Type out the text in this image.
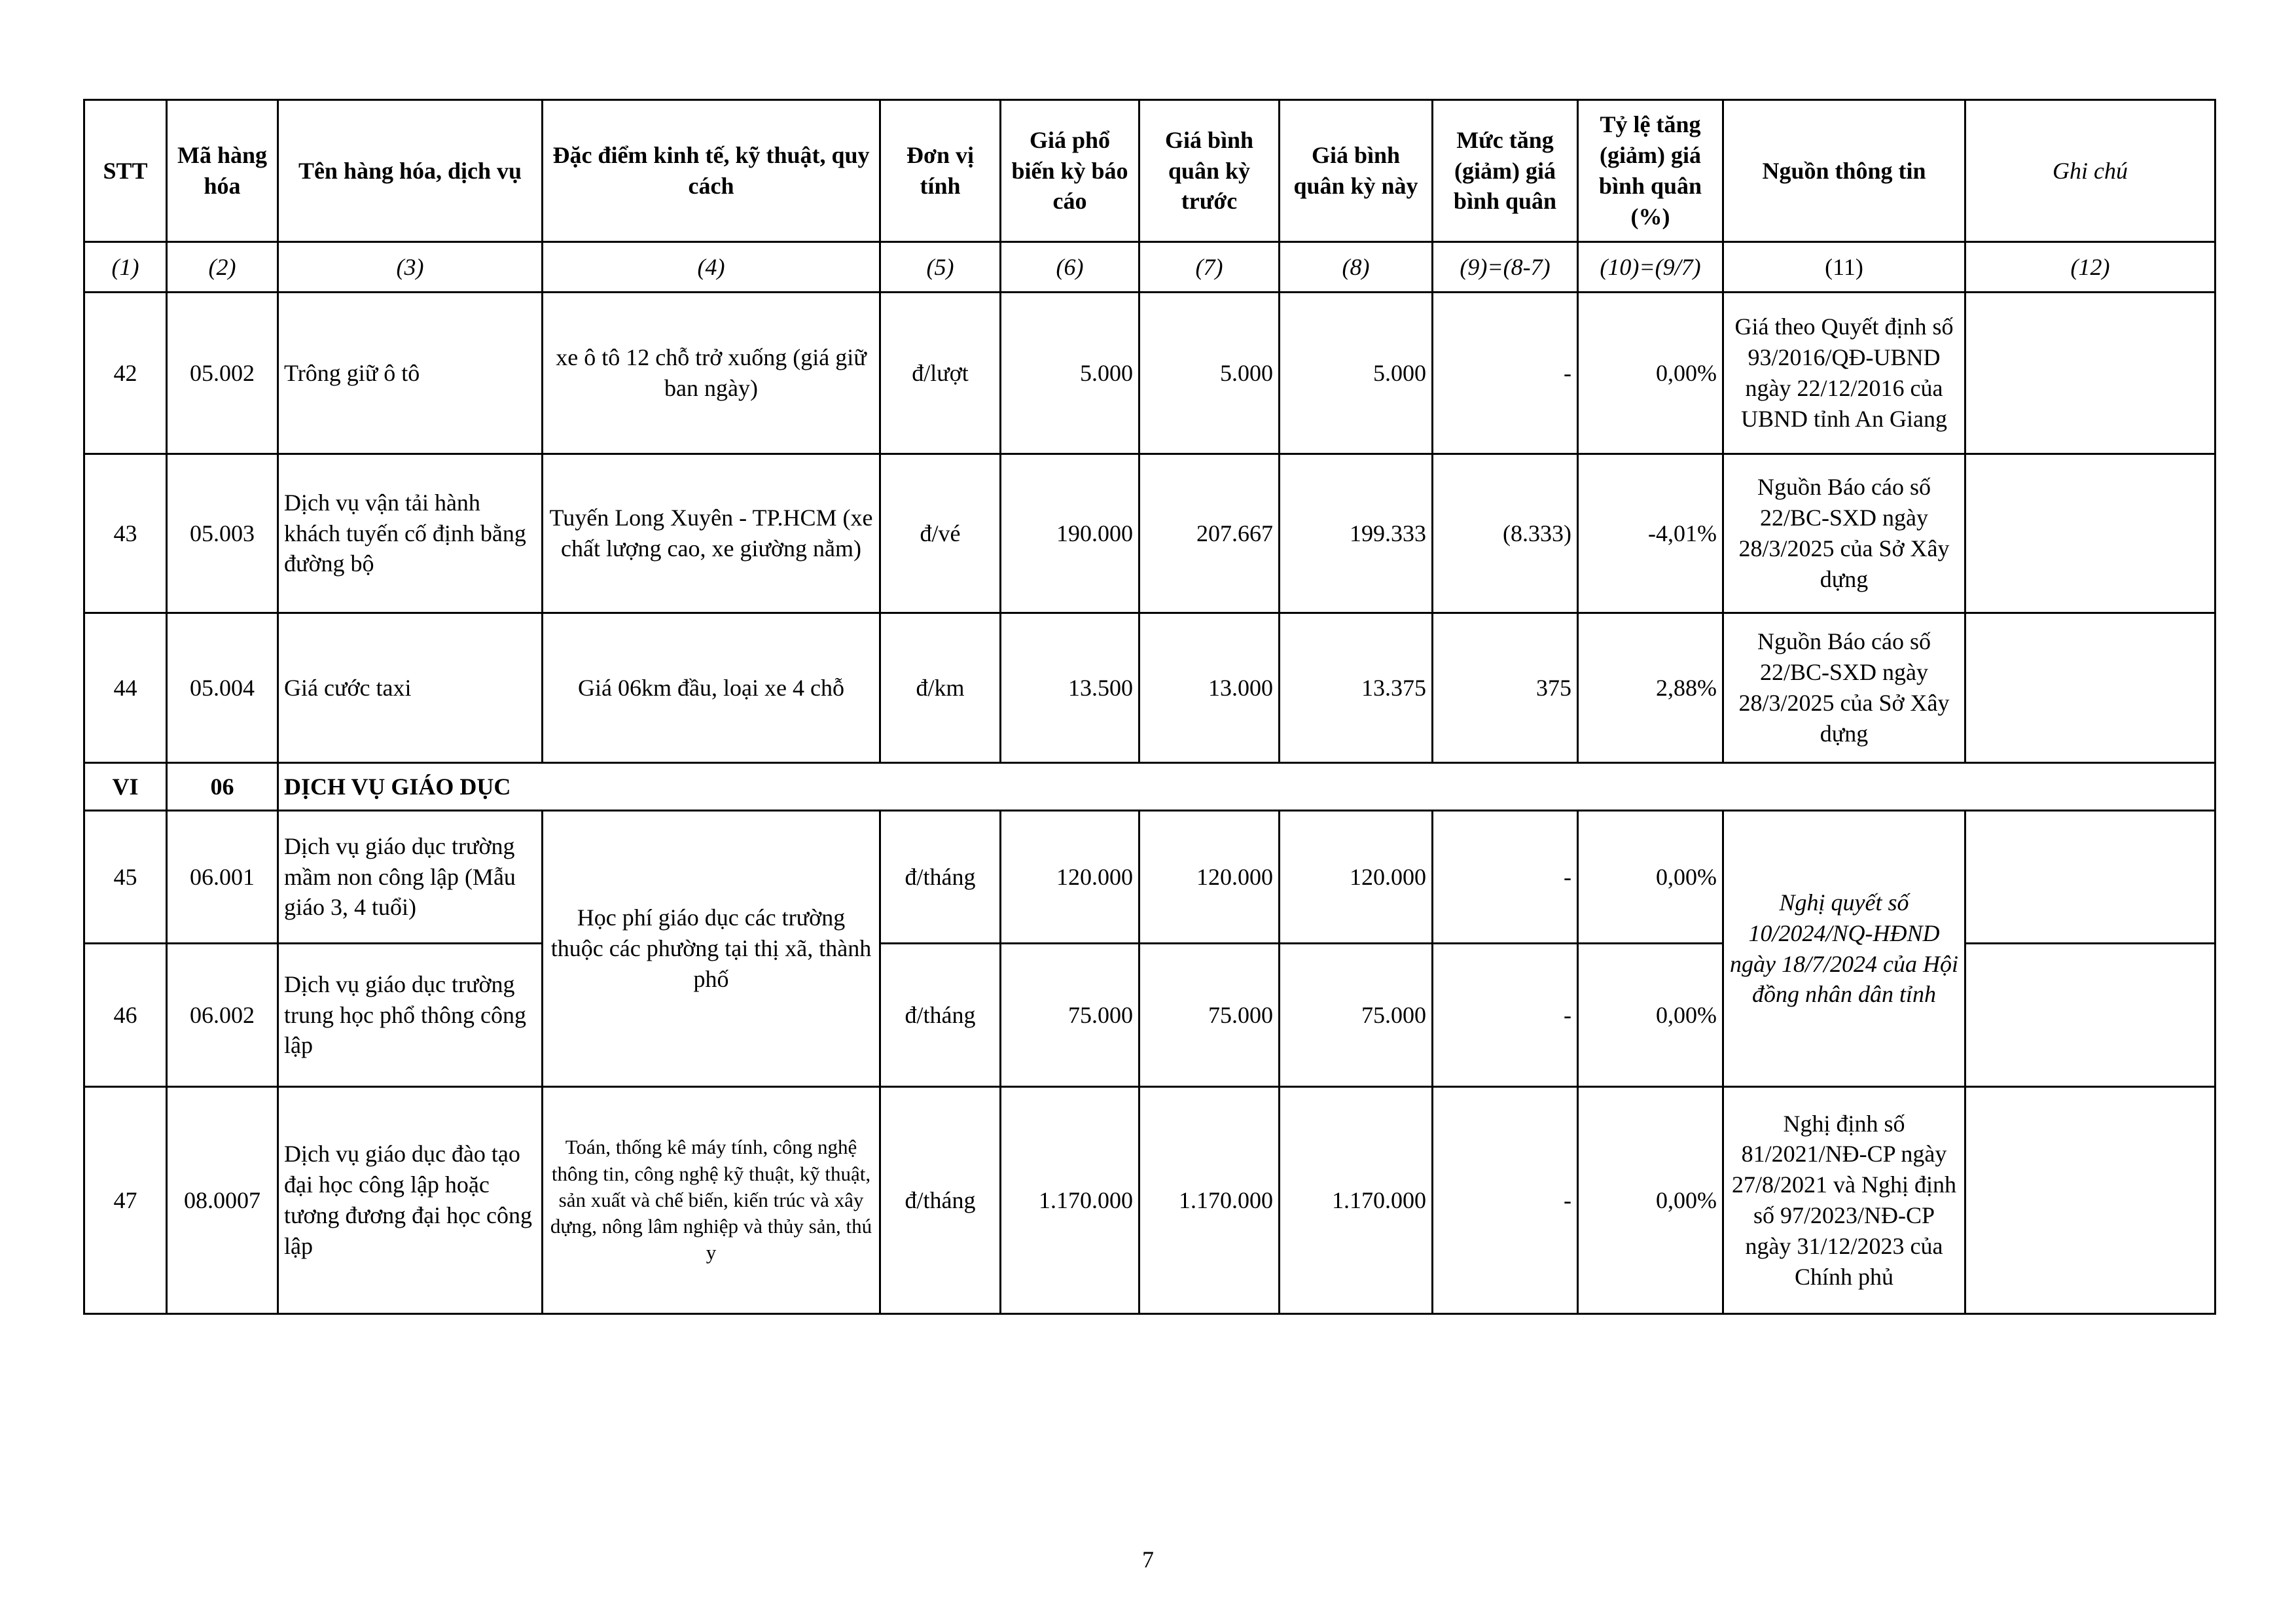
STT	Mã hàng hóa	Tên hàng hóa, dịch vụ	Đặc điểm kinh tế, kỹ thuật, quy cách	Đơn vị tính	Giá phổ biến kỳ báo cáo	Giá bình quân kỳ trước	Giá bình quân kỳ này	Mức tăng (giảm) giá bình quân	Tỷ lệ tăng (giảm) giá bình quân (%)	Nguồn thông tin	Ghi chú
(1)	(2)	(3)	(4)	(5)	(6)	(7)	(8)	(9)=(8-7)	(10)=(9/7)	(11)	(12)
42	05.002	Trông giữ ô tô	xe ô tô 12 chỗ trở xuống (giá giữ ban ngày)	đ/lượt	5.000	5.000	5.000	-	0,00%	Giá theo Quyết định số 93/2016/QĐ-UBND ngày 22/12/2016 của UBND tỉnh An Giang	
43	05.003	Dịch vụ vận tải hành khách tuyến cố định bằng đường bộ	Tuyến Long Xuyên - TP.HCM (xe chất lượng cao, xe giường nằm)	đ/vé	190.000	207.667	199.333	(8.333)	-4,01%	Nguồn Báo cáo số 22/BC-SXD ngày 28/3/2025 của Sở Xây dựng	
44	05.004	Giá cước taxi	Giá 06km đầu, loại xe 4 chỗ	đ/km	13.500	13.000	13.375	375	2,88%	Nguồn Báo cáo số 22/BC-SXD ngày 28/3/2025 của Sở Xây dựng	
VI	06	DỊCH VỤ GIÁO DỤC									
45	06.001	Dịch vụ giáo dục trường mầm non công lập (Mẫu giáo 3, 4 tuổi)	Học phí giáo dục các trường thuộc các phường tại thị xã, thành phố	đ/tháng	120.000	120.000	120.000	-	0,00%	Nghị quyết số 10/2024/NQ-HĐND ngày 18/7/2024 của Hội đồng nhân dân tỉnh	
46	06.002	Dịch vụ giáo dục trường trung học phổ thông công lập		đ/tháng	75.000	75.000	75.000	-	0,00%		
47	08.0007	Dịch vụ giáo dục đào tạo đại học công lập hoặc tương đương đại học công lập	Toán, thống kê máy tính, công nghệ thông tin, công nghệ kỹ thuật, kỹ thuật, sản xuất và chế biến, kiến trúc và xây dựng, nông lâm nghiệp và thủy sản, thú y	đ/tháng	1.170.000	1.170.000	1.170.000	-	0,00%	Nghị định số 81/2021/NĐ-CP ngày 27/8/2021 và Nghị định số 97/2023/NĐ-CP ngày 31/12/2023 của Chính phủ	
7
